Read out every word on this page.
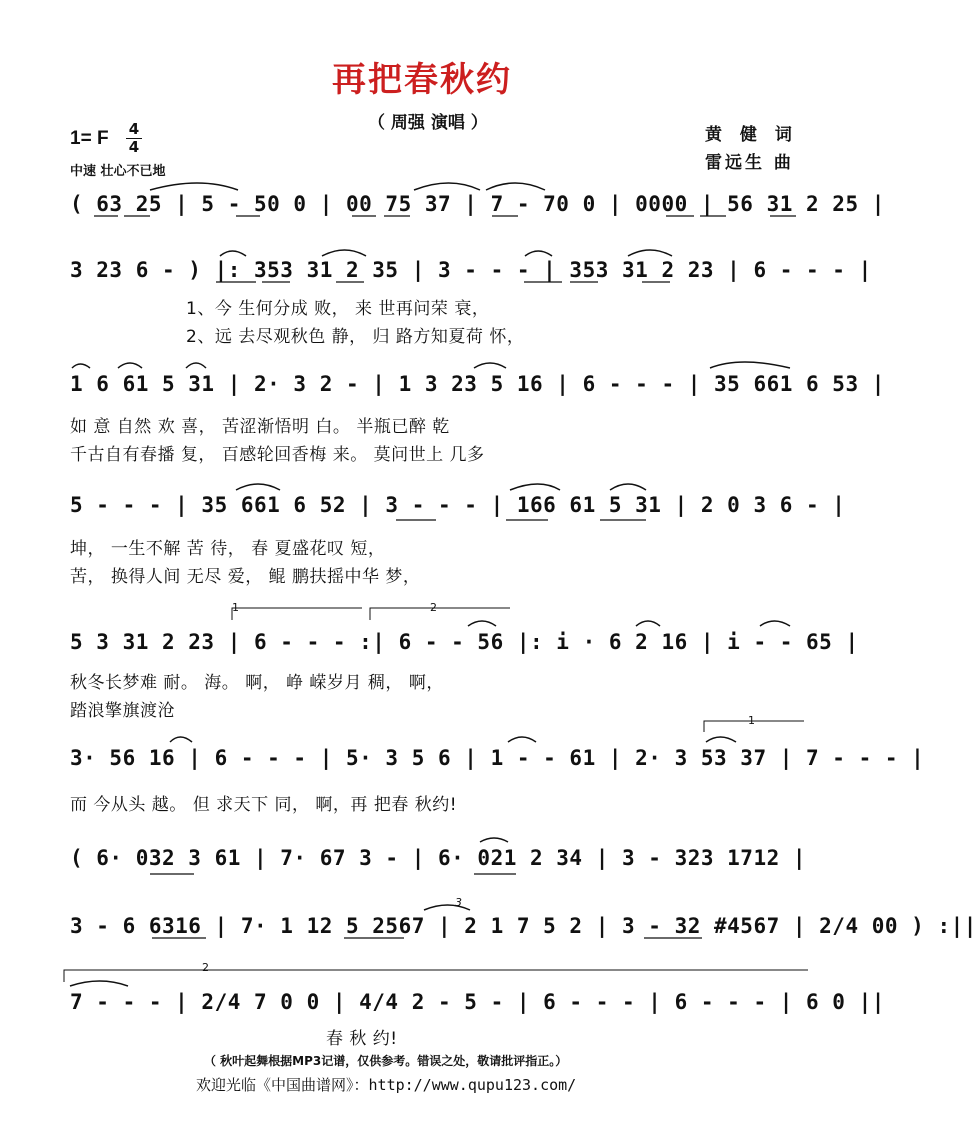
再把春秋约
（ 周强 演唱 ）
1= F 4
4
中速 壮心不已地
黄 健 词
雷远生 曲
( 63 25 | 5 - 50 0 | 00 75 37 | 7 - 70 0 | 0000 | 56 31 2 25 |
3 23 6 - ) |: 353 31 2 35 | 3 - - - | 353 31 2 23 | 6 - - - |
1、今 生何分成 败， 来 世再问荣 衰，
2、远 去尽观秋色 静， 归 路方知夏荷 怀，
1 6 61 5 31 | 2· 3 2 - | 1 3 23 5 16 | 6 - - - | 35 661 6 53 |
如 意 自然 欢 喜， 苦涩渐悟明 白。 半瓶已醉 乾
千古自有春播 复， 百感轮回香梅 来。 莫问世上 几多
5 - - - | 35 661 6 52 | 3 - - - | 166 61 5 31 | 2 0 3 6 - |
坤， 一生不解 苦 待， 春 夏盛花叹 短，
苦， 换得人间 无尽 爱， 鲲 鹏扶摇中华 梦，
1	2
5 3 31 2 23 | 6 - - - :| 6 - - 56 |: i · 6 2 16 | i - - 65 |
秋冬长梦难 耐。 海。 啊， 峥 嵘岁月 稠， 啊，
踏浪擎旗渡沧	1
3· 56 16 | 6 - - - | 5· 3 5 6 | 1 - - 61 | 2· 3 53 37 | 7 - - - |
而 今从头 越。 但 求天下 同， 啊，再 把春 秋约!
( 6· 032 3 61 | 7· 67 3 - | 6· 021 2 34 | 3 - 323 1712 |
3
3 - 6 6316 | 7· 1 12 5 2567 | 2 1 7 5 2 | 3 - 32 #4567 | 2/4 00 ) :||
2
7 - - - | 2/4 7 0 0 | 4/4 2 - 5 - | 6 - - - | 6 - - - | 6 0 ||
春 秋 约!
（ 秋叶起舞根据MP3记谱，仅供参考。错误之处，敬请批评指正。）
欢迎光临《中国曲谱网》：http://www.qupu123.com/
